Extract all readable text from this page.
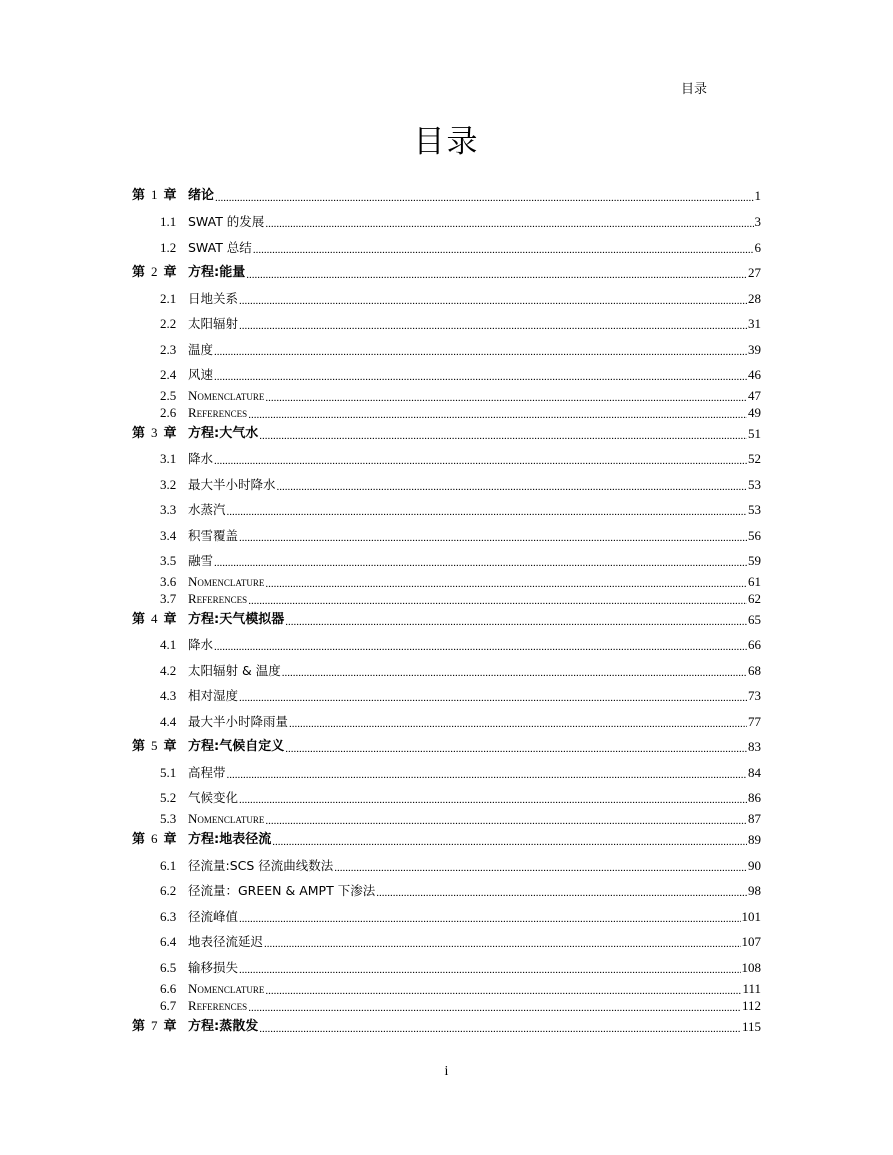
目录
目录
第 1 章 绪论 .....	1
1.1 SWAT 的发展 .....	3
1.2 SWAT 总结 .....	6
第 2 章 方程:能量 .....	27
2.1 日地关系 .....	28
2.2 太阳辐射 .....	31
2.3 温度 .....	39
2.4 风速 .....	46
2.5 Nomenclature .....	47
2.6 References .....	49
第 3 章 方程:大气水 .....	51
3.1 降水 .....	52
3.2 最大半小时降水 .....	53
3.3 水蒸汽 .....	53
3.4 积雪覆盖 .....	56
3.5 融雪 .....	59
3.6 Nomenclature .....	61
3.7 References .....	62
第 4 章 方程:天气模拟器 .....	65
4.1 降水 .....	66
4.2 太阳辐射 & 温度 .....	68
4.3 相对湿度 .....	73
4.4 最大半小时降雨量 .....	77
第 5 章 方程:气候自定义 .....	83
5.1 高程带 .....	84
5.2 气候变化 .....	86
5.3 Nomenclature .....	87
第 6 章 方程:地表径流 .....	89
6.1 径流量:SCS 径流曲线数法 .....	90
6.2 径流量：GREEN & AMPT 下渗法 .....	98
6.3 径流峰值 .....	101
6.4 地表径流延迟 .....	107
6.5 输移损失 .....	108
6.6 Nomenclature .....	111
6.7 References .....	112
第 7 章 方程:蒸散发 .....	115
i
